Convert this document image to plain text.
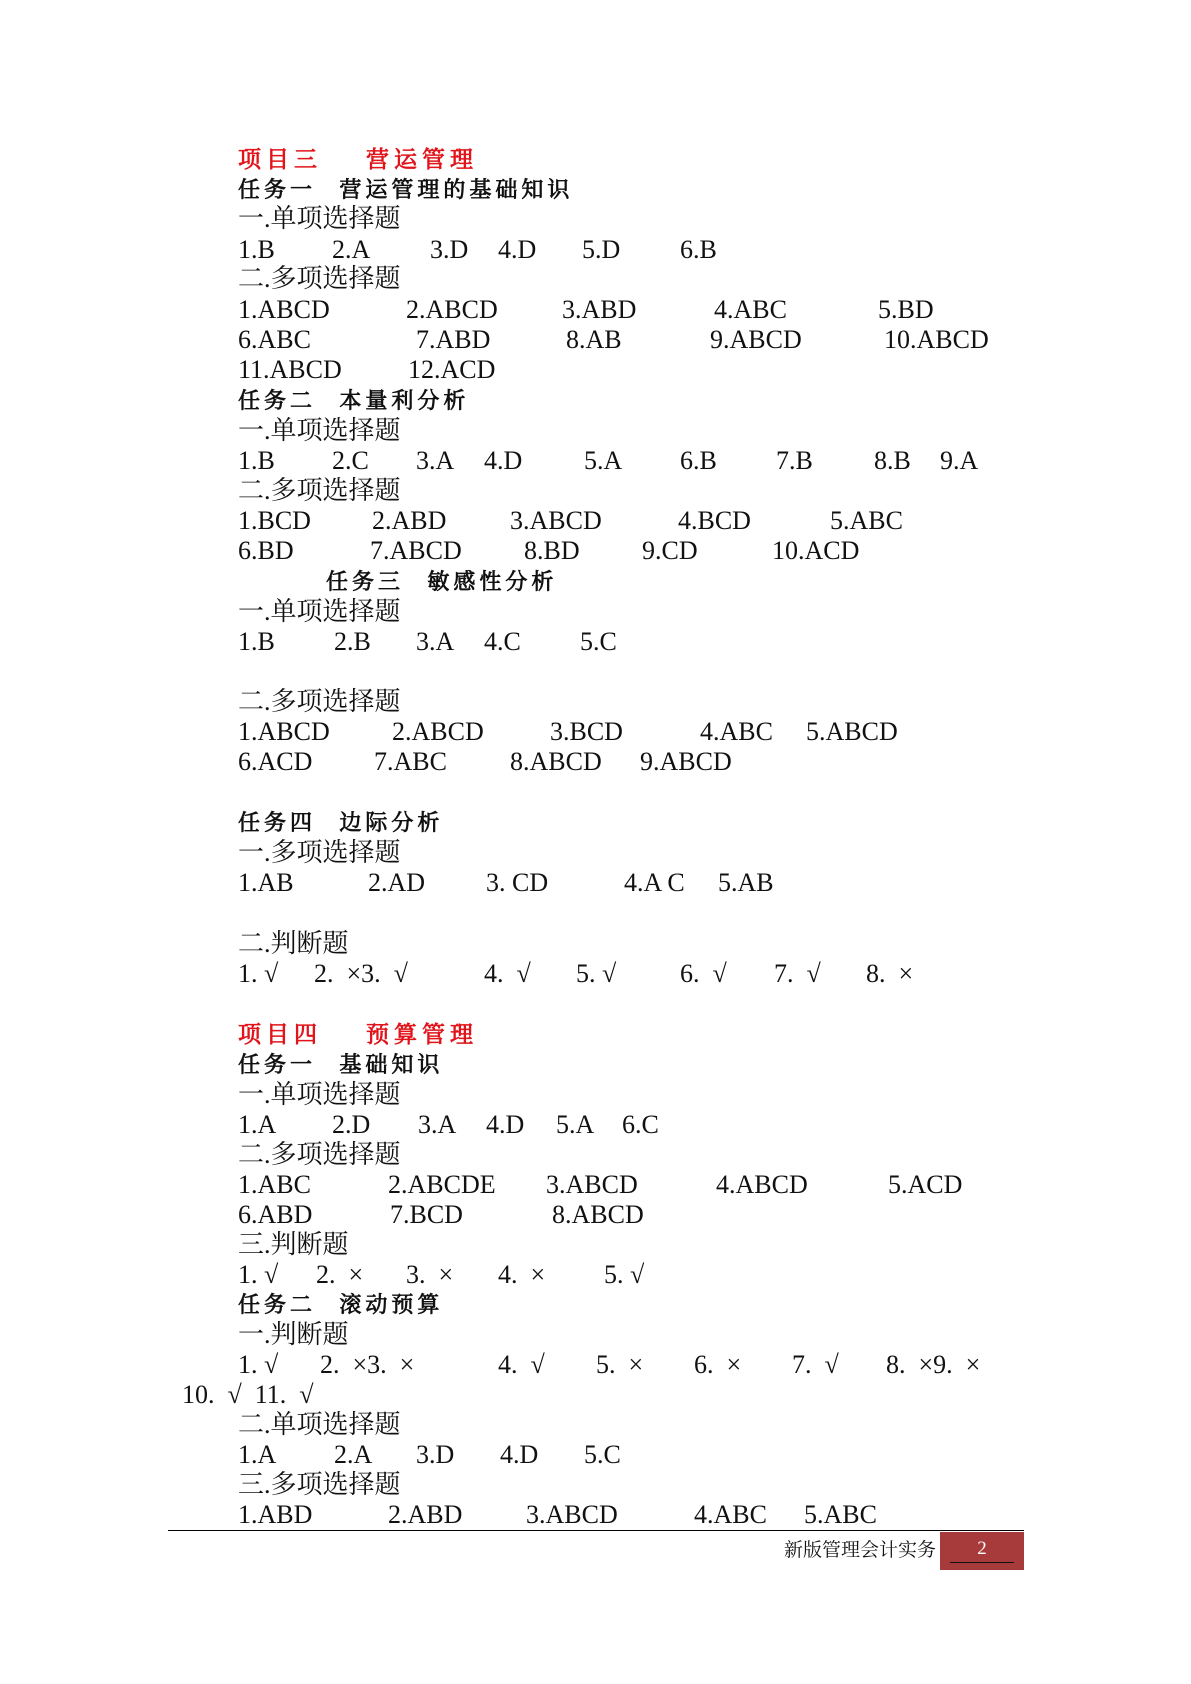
项目三 营运管理
任务一  营运管理的基础知识
一.单项选择题
1.B 2.A 3.D 4.D 5.D 6.B
二.多项选择题
1.ABCD	2.ABCD 3.ABD	4.ABC	5.BD
6.ABC	7.ABD	8.AB	9.ABCD	10.ABCD
11.ABCD	12.ACD
任务二  本量利分析
一.单项选择题
1.B 2.C 3.A 4.D 5.A 6.B 7.B 8.B 9.A
二.多项选择题
1.BCD 2.ABD 3.ABCD	4.BCD	5.ABC
6.BD	7.ABCD 8.BD 9.CD	10.ACD
任务三  敏感性分析
一.单项选择题
1.B 2.B 3.A 4.C 5.C
二.多项选择题
1.ABCD 2.ABCD	3.BCD	4.ABC 5.ABCD
6.ACD 7.ABC 8.ABCD 9.ABCD
任务四  边际分析
一.多项选择题
1.AB	2.AD 3. CD	4.A C 5.AB
二.判断题
1. √ 2.  ×3.  √	4.  √ 5. √ 6.  √ 7.  √ 8.  ×
项目四 预算管理
任务一  基础知识
一.单项选择题
1.A 2.D 3.A 4.D 5.A 6.C
二.多项选择题
1.ABC	2.ABCDE 3.ABCD	4.ABCD	5.ACD
6.ABD	7.BCD	8.ABCD
三.判断题
1. √ 2.  × 3.  × 4.  × 5. √
任务二  滚动预算
一.判断题
1. √ 2.  ×3.  ×	4.  √ 5.  × 6.  × 7.  √ 8.  ×9.  ×
10.  √  11.  √
二.单项选择题
1.A 2.A 3.D 4.D 5.C
三.多项选择题
1.ABD	2.ABD 3.ABCD	4.ABC 5.ABC
新版管理会计实务	2
